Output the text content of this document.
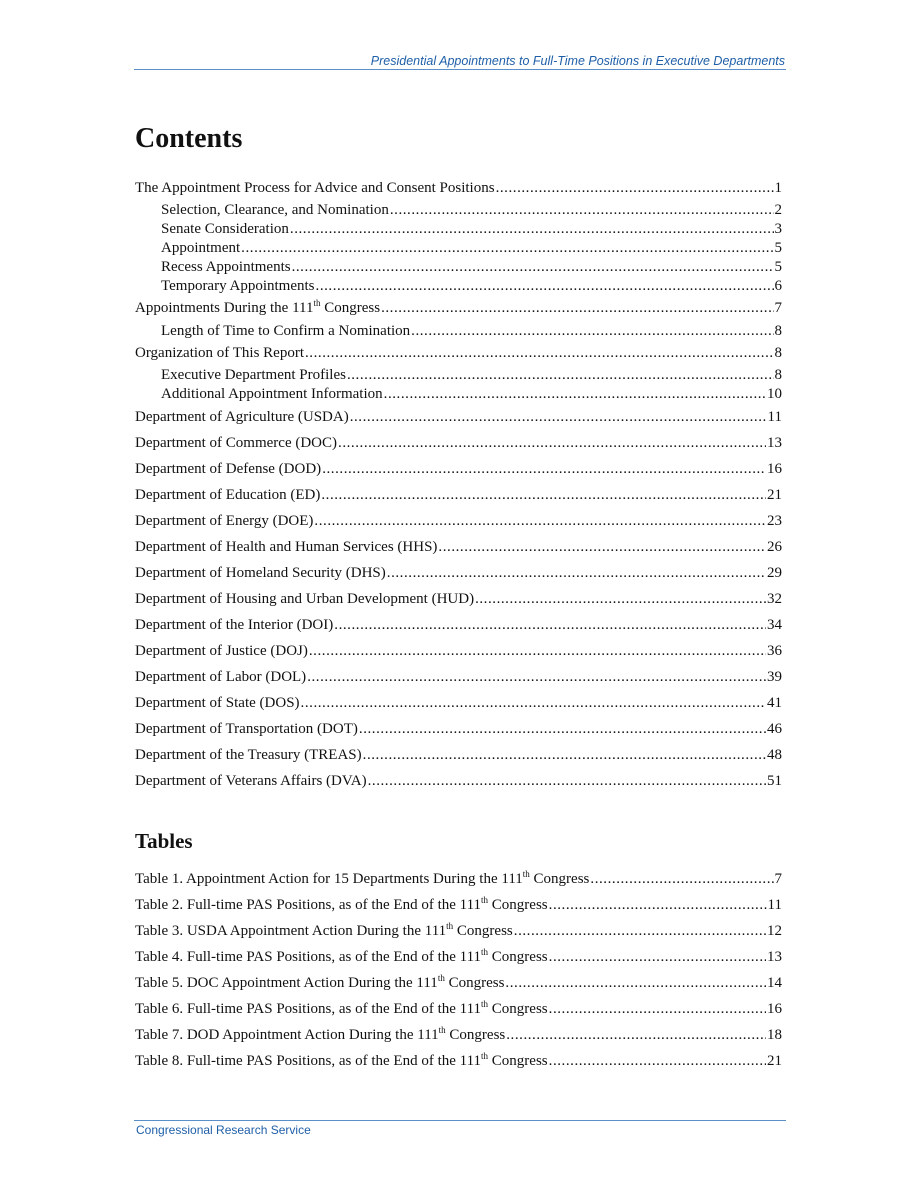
Presidential Appointments to Full-Time Positions in Executive Departments
Contents
The Appointment Process for Advice and Consent Positions . . .	1
Selection, Clearance, and Nomination . . .	2
Senate Consideration . . .	3
Appointment . . .	5
Recess Appointments . . .	5
Temporary Appointments . . .	6
Appointments During the 111th Congress . . .	7
Length of Time to Confirm a Nomination . . .	8
Organization of This Report . . .	8
Executive Department Profiles . . .	8
Additional Appointment Information . . .	10
Department of Agriculture (USDA) . . .	11
Department of Commerce (DOC) . . .	13
Department of Defense (DOD) . . .	16
Department of Education (ED) . . .	21
Department of Energy (DOE) . . .	23
Department of Health and Human Services (HHS) . . .	26
Department of Homeland Security (DHS) . . .	29
Department of Housing and Urban Development (HUD) . . .	32
Department of the Interior (DOI) . . .	34
Department of Justice (DOJ) . . .	36
Department of Labor (DOL) . . .	39
Department of State (DOS) . . .	41
Department of Transportation (DOT) . . .	46
Department of the Treasury (TREAS) . . .	48
Department of Veterans Affairs (DVA) . . .	51
Tables
Table 1. Appointment Action for 15 Departments During the 111th Congress . . .	7
Table 2. Full-time PAS Positions, as of the End of the 111th Congress . . .	11
Table 3. USDA Appointment Action During the 111th Congress . . .	12
Table 4. Full-time PAS Positions, as of the End of the 111th Congress . . .	13
Table 5. DOC Appointment Action During the 111th Congress . . .	14
Table 6. Full-time PAS Positions, as of the End of the 111th Congress . . .	16
Table 7. DOD Appointment Action During the 111th Congress . . .	18
Table 8. Full-time PAS Positions, as of the End of the 111th Congress . . .	21
Congressional Research Service
